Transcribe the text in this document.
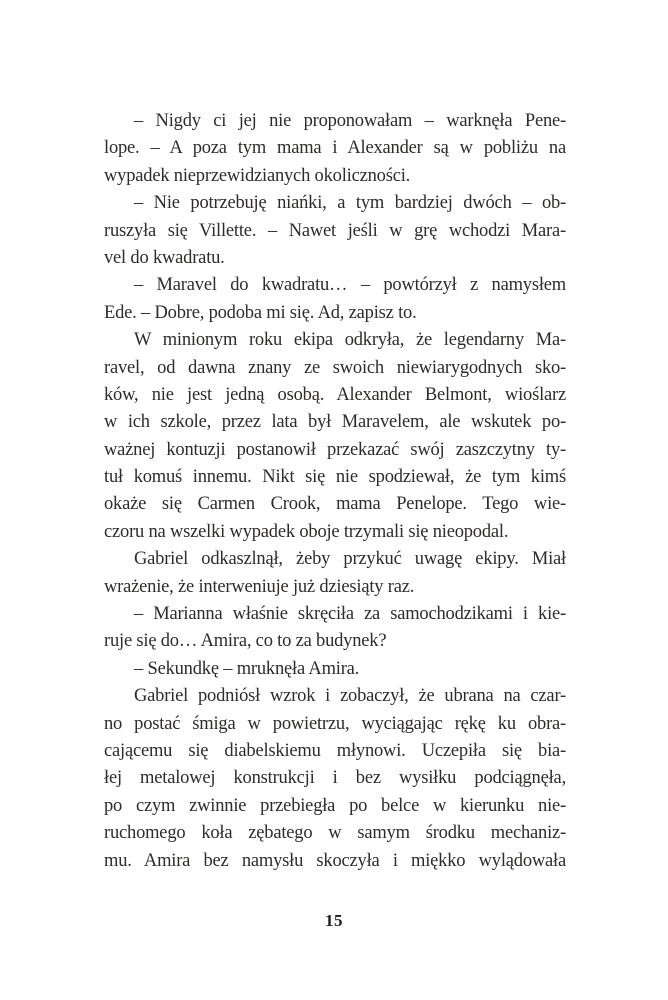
– Nigdy ci jej nie proponowałam – warknęła Pene-
lope. – A poza tym mama i Alexander są w pobliżu na
wypadek nieprzewidzianych okoliczności.
– Nie potrzebuję niańki, a tym bardziej dwóch – ob-
ruszyła się Villette. – Nawet jeśli w grę wchodzi Mara-
vel do kwadratu.
– Maravel do kwadratu… – powtórzył z namysłem
Ede. – Dobre, podoba mi się. Ad, zapisz to.
W minionym roku ekipa odkryła, że legendarny Ma-
ravel, od dawna znany ze swoich niewiarygodnych sko-
ków, nie jest jedną osobą. Alexander Belmont, wioślarz
w ich szkole, przez lata był Maravelem, ale wskutek po-
ważnej kontuzji postanowił przekazać swój zaszczytny ty-
tuł komuś innemu. Nikt się nie spodziewał, że tym kimś
okaże się Carmen Crook, mama Penelope. Tego wie-
czoru na wszelki wypadek oboje trzymali się nieopodal.
Gabriel odkaszlnął, żeby przykuć uwagę ekipy. Miał
wrażenie, że interweniuje już dziesiąty raz.
– Marianna właśnie skręciła za samochodzikami i kie-
ruje się do… Amira, co to za budynek?
– Sekundkę – mruknęła Amira.
Gabriel podniósł wzrok i zobaczył, że ubrana na czar-
no postać śmiga w powietrzu, wyciągając rękę ku obra-
cającemu się diabelskiemu młynowi. Uczepiła się bia-
łej metalowej konstrukcji i bez wysiłku podciągnęła,
po czym zwinnie przebiegła po belce w kierunku nie-
ruchomego koła zębatego w samym środku mechaniz-
mu. Amira bez namysłu skoczyła i miękko wylądowała
15
